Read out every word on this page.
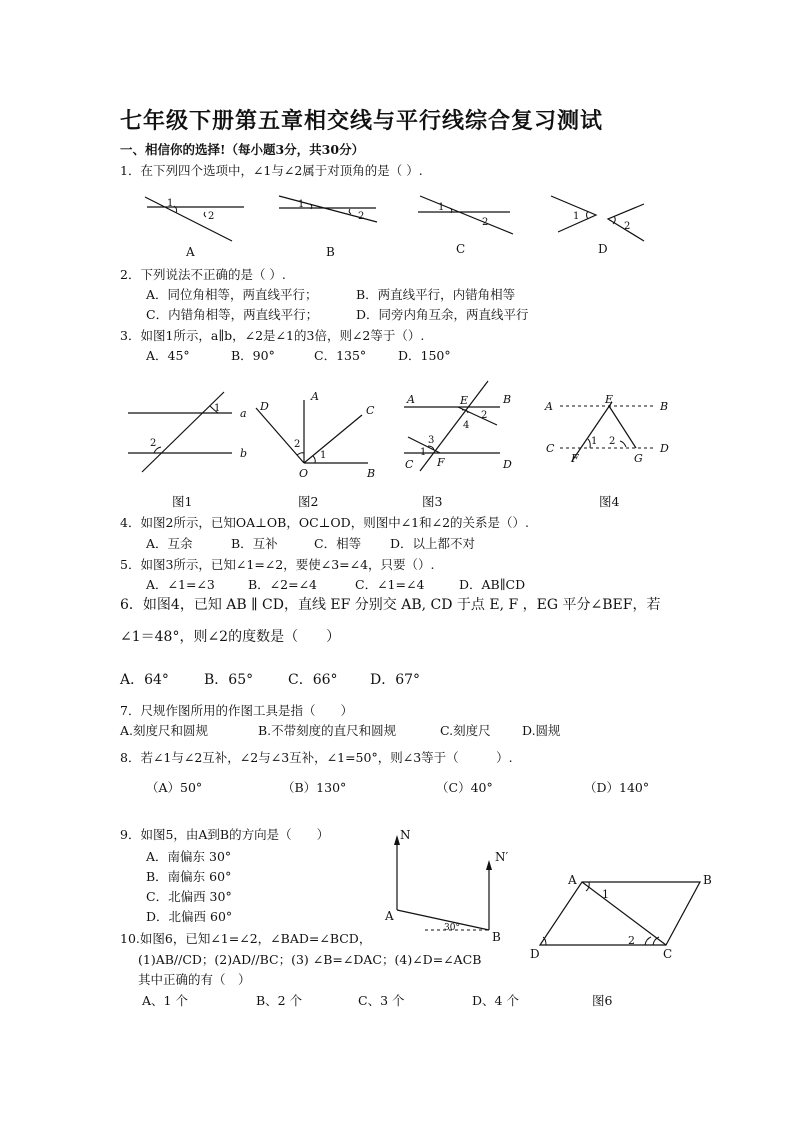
七年级下册第五章相交线与平行线综合复习测试
一、相信你的选择!（每小题3分，共30分）
1．在下列四个选项中，∠1与∠2属于对顶角的是（ ）.
1
2
A
1
2
B
1
2
C
1
2
D
2．下列说法不正确的是（ ）.
A．同位角相等，两直线平行；	B．两直线平行，内错角相等
C．内错角相等，两直线平行；	D．同旁内角互余，两直线平行
3．如图1所示，a∥b，∠2是∠1的3倍，则∠2等于（）.
A．45°	B．90°	C．135°	D．150°
1
2
a
b
D
A
C
2
1
O	B
A	E	B
2
4
3
1
C F	D
A
E
B
C
1 2
F	G
D
图1	图2	图3	图4
4．如图2所示，已知OA⊥OB，OC⊥OD，则图中∠1和∠2的关系是（）.
A．互余	B．互补	C．相等 D．以上都不对
5．如图3所示，已知∠1=∠2，要使∠3=∠4，只要（）.
A．∠1=∠3	B．∠2=∠4	C．∠1=∠4	D．AB∥CD
6．如图4，已知 AB ∥ CD，直线 EF 分别交 AB, CD 于点 E, F ，EG 平分∠BEF，若
∠1＝48°，则∠2的度数是（　　）
A．64°	B．65° C．66° D．67°
7．尺规作图所用的作图工具是指（　　）
A.刻度尺和圆规	B.不带刻度的直尺和圆规	C.刻度尺	D.圆规
8．若∠1与∠2互补，∠2与∠3互补，∠1=50°，则∠3等于（　　　）.
（A）50°	（B）130°	（C）40°	（D）140°
9．如图5，由A到B的方向是（　　）
A．南偏东 30°
B．南偏东 60°
C．北偏西 30°
D．北偏西 60°
N
N′
A
B
30°
A	B
1
2
D	C
10.如图6，已知∠1=∠2，∠BAD=∠BCD，
(1)AB//CD；(2)AD//BC；(3) ∠B=∠DAC；(4)∠D=∠ACB
其中正确的有（　）
A、1 个	B、2 个	C、3 个	D、4 个	图6
